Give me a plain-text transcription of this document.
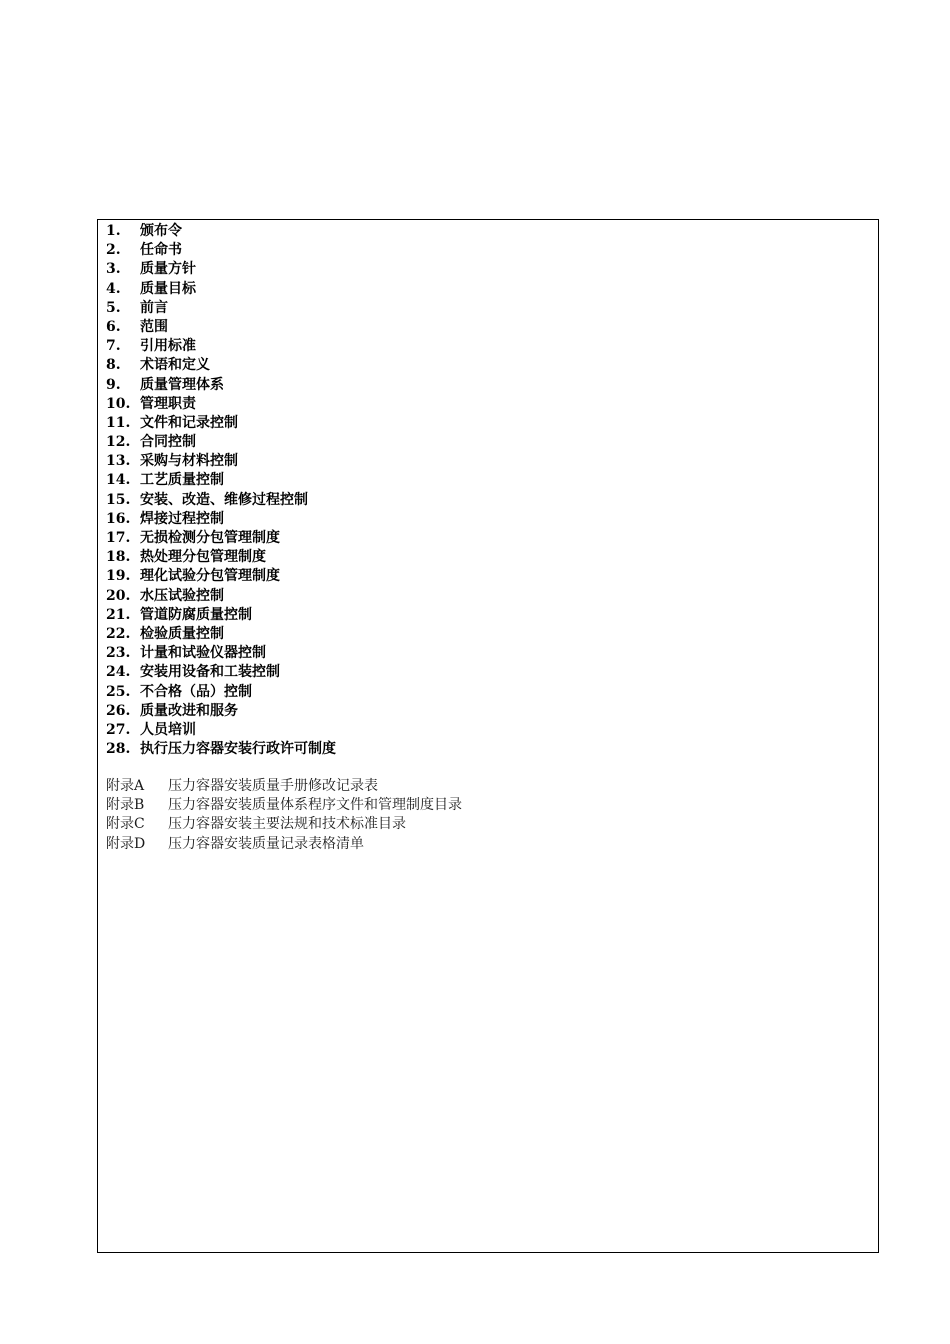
1.	颁布令
2.	任命书
3.	质量方针
4.	质量目标
5.	前言
6.	范围
7.	引用标准
8.	术语和定义
9.	质量管理体系
10. 管理职责
11. 文件和记录控制
12. 合同控制
13. 采购与材料控制
14. 工艺质量控制
15. 安装、改造、维修过程控制
16. 焊接过程控制
17. 无损检测分包管理制度
18. 热处理分包管理制度
19. 理化试验分包管理制度
20. 水压试验控制
21. 管道防腐质量控制
22. 检验质量控制
23. 计量和试验仪器控制
24. 安装用设备和工装控制
25. 不合格（品）控制
26. 质量改进和服务
27. 人员培训
28. 执行压力容器安装行政许可制度
附录A	压力容器安装质量手册修改记录表
附录B	压力容器安装质量体系程序文件和管理制度目录
附录C	压力容器安装主要法规和技术标准目录
附录D	压力容器安装质量记录表格清单
